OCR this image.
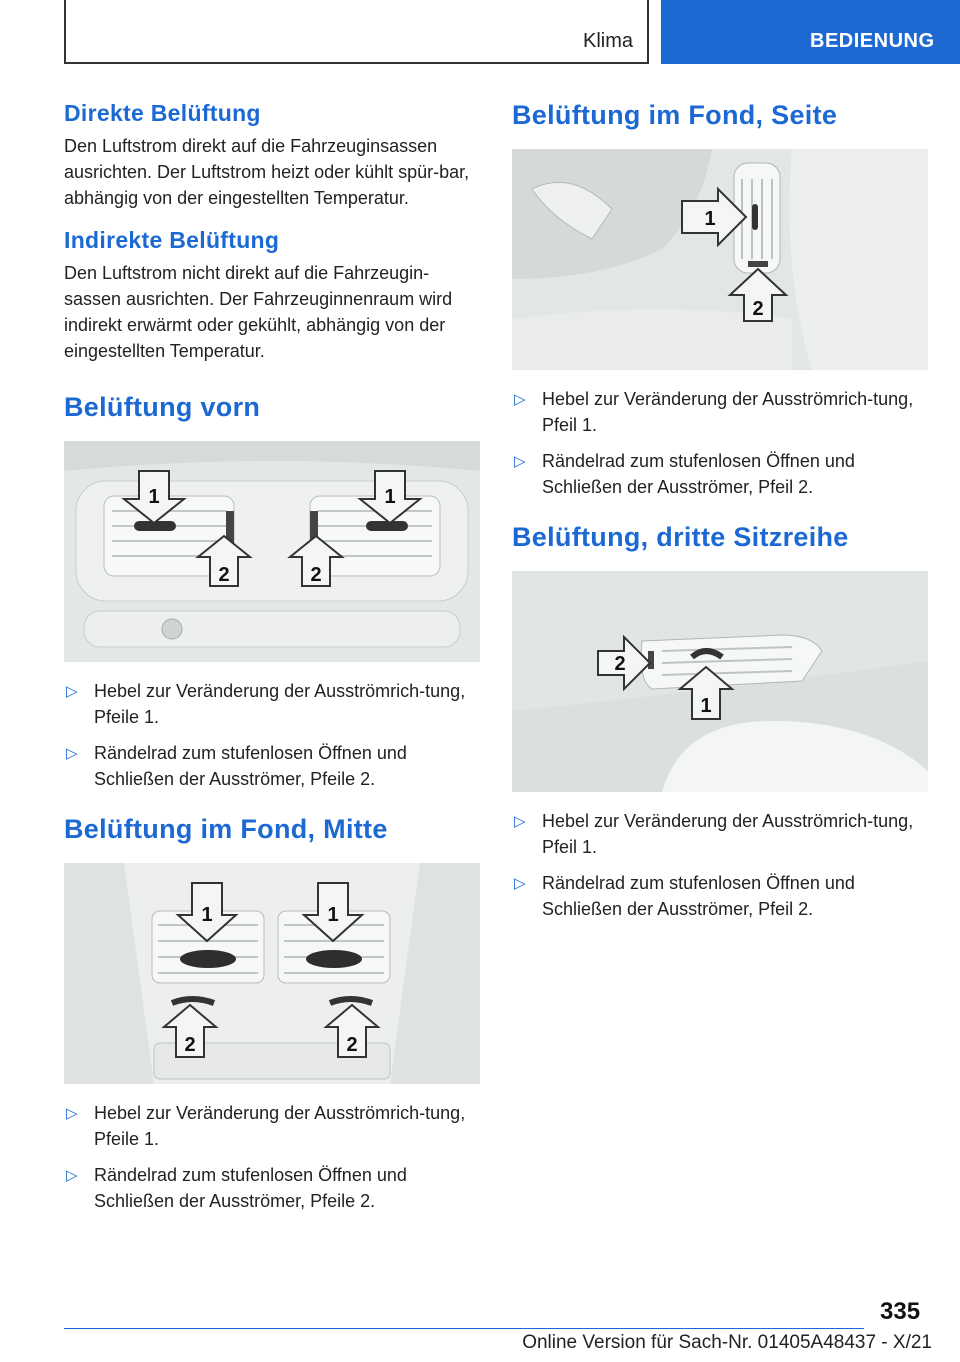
Klima	BEDIENUNG
Direkte Belüftung

Den Luftstrom direkt auf die Fahrzeuginsassen ausrichten. Der Luftstrom heizt oder kühlt spür-bar, abhängig von der eingestellten Temperatur.

Indirekte Belüftung

Den Luftstrom nicht direkt auf die Fahrzeugin-sassen ausrichten. Der Fahrzeuginnenraum wird indirekt erwärmt oder gekühlt, abhängig von der eingestellten Temperatur.

Belüftung vorn
1	1
2	2
▷ Hebel zur Veränderung der Ausströmrich-tung, Pfeile 1.
▷ Rändelrad zum stufenlosen Öffnen und Schließen der Ausströmer, Pfeile 2.
Belüftung im Fond, Mitte
1	1
2	2
▷ Hebel zur Veränderung der Ausströmrich-tung, Pfeile 1.
▷ Rändelrad zum stufenlosen Öffnen und Schließen der Ausströmer, Pfeile 2.
Belüftung im Fond, Seite
1
2
▷ Hebel zur Veränderung der Ausströmrich-tung, Pfeil 1.
▷ Rändelrad zum stufenlosen Öffnen und Schließen der Ausströmer, Pfeil 2.
Belüftung, dritte Sitzreihe
2
1
▷ Hebel zur Veränderung der Ausströmrich-tung, Pfeil 1.
▷ Rändelrad zum stufenlosen Öffnen und Schließen der Ausströmer, Pfeil 2.
335
Online Version für Sach-Nr. 01405A48437 - X/21
